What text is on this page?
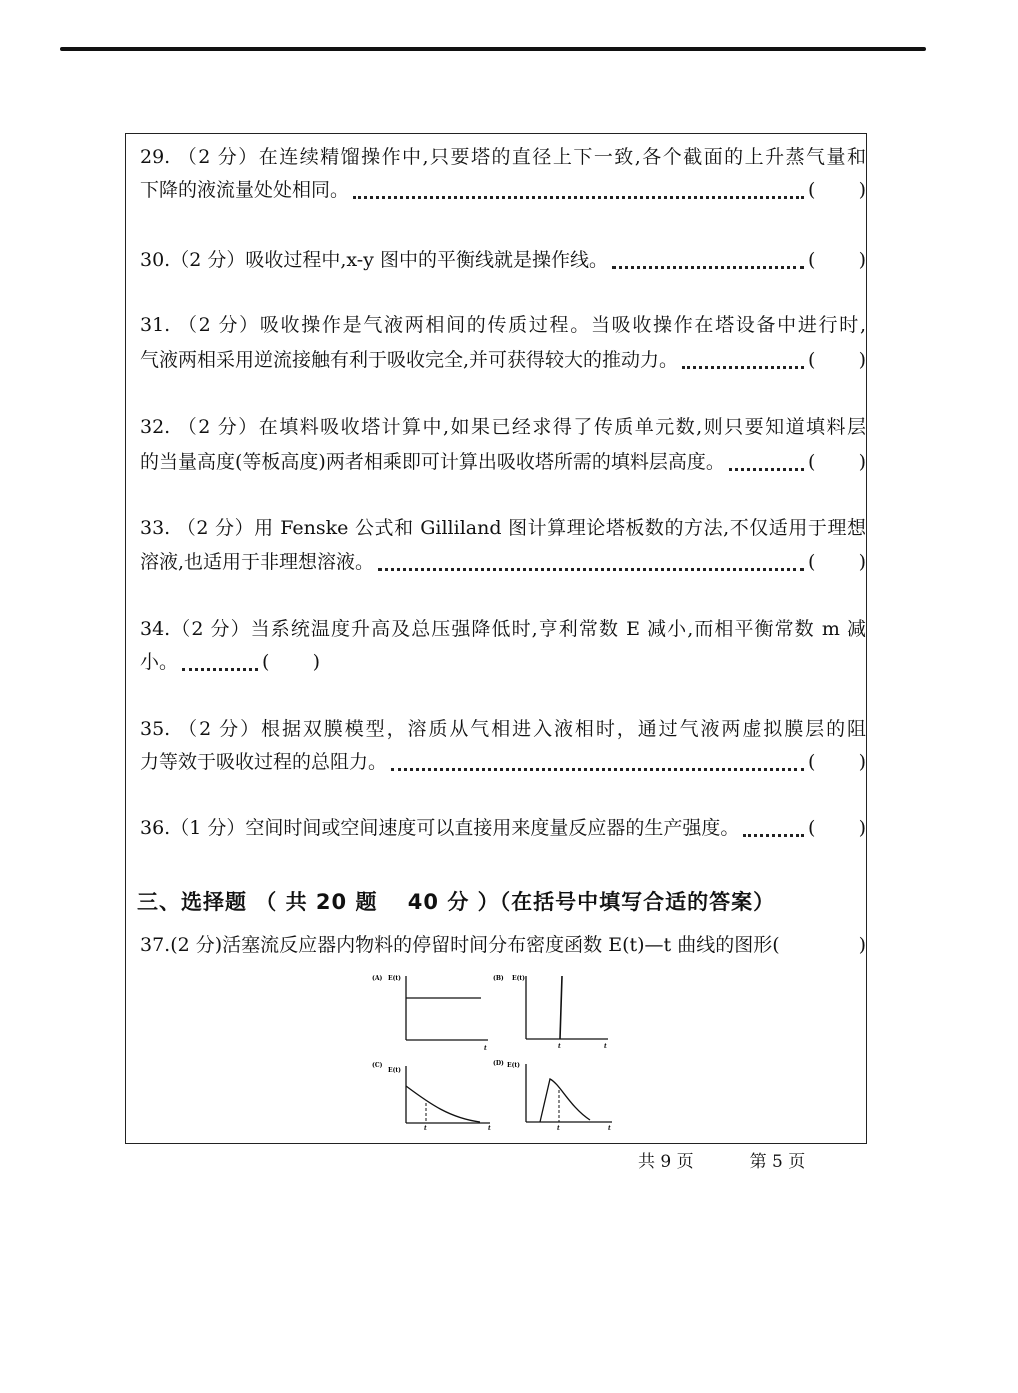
29. （2 分）在连续精馏操作中,只要塔的直径上下一致,各个截面的上升蒸气量和
下降的液流量处处相同。	( )
30.（2 分）吸收过程中,x-y 图中的平衡线就是操作线。	( )
31. （2 分）吸收操作是气液两相间的传质过程。当吸收操作在塔设备中进行时,
气液两相采用逆流接触有利于吸收完全,并可获得较大的推动力。	( )
32. （2 分）在填料吸收塔计算中,如果已经求得了传质单元数,则只要知道填料层
的当量高度(等板高度)两者相乘即可计算出吸收塔所需的填料层高度。	( )
33. （2 分）用 Fenske 公式和 Gilliland 图计算理论塔板数的方法,不仅适用于理想
溶液,也适用于非理想溶液。	( )
34.（2 分）当系统温度升高及总压强降低时,亨利常数 E 减小,而相平衡常数 m 减
小。	( )
35. （2 分）根据双膜模型，溶质从气相进入液相时，通过气液两虚拟膜层的阻
力等效于吸收过程的总阻力。	( )
36.（1 分）空间时间或空间速度可以直接用来度量反应器的生产强度。	( )
三、选择题 （ 共 20 题　 40 分 ）（在括号中填写合适的答案）
37.(2 分)活塞流反应器内物料的停留时间分布密度函数 E(t)—t 曲线的图形(	)
(A) E(t)
t
(B) E(t)
t	t
(C)
E(t)
t	t
(D) E(t)
t	t
共 9 页	第 5 页
